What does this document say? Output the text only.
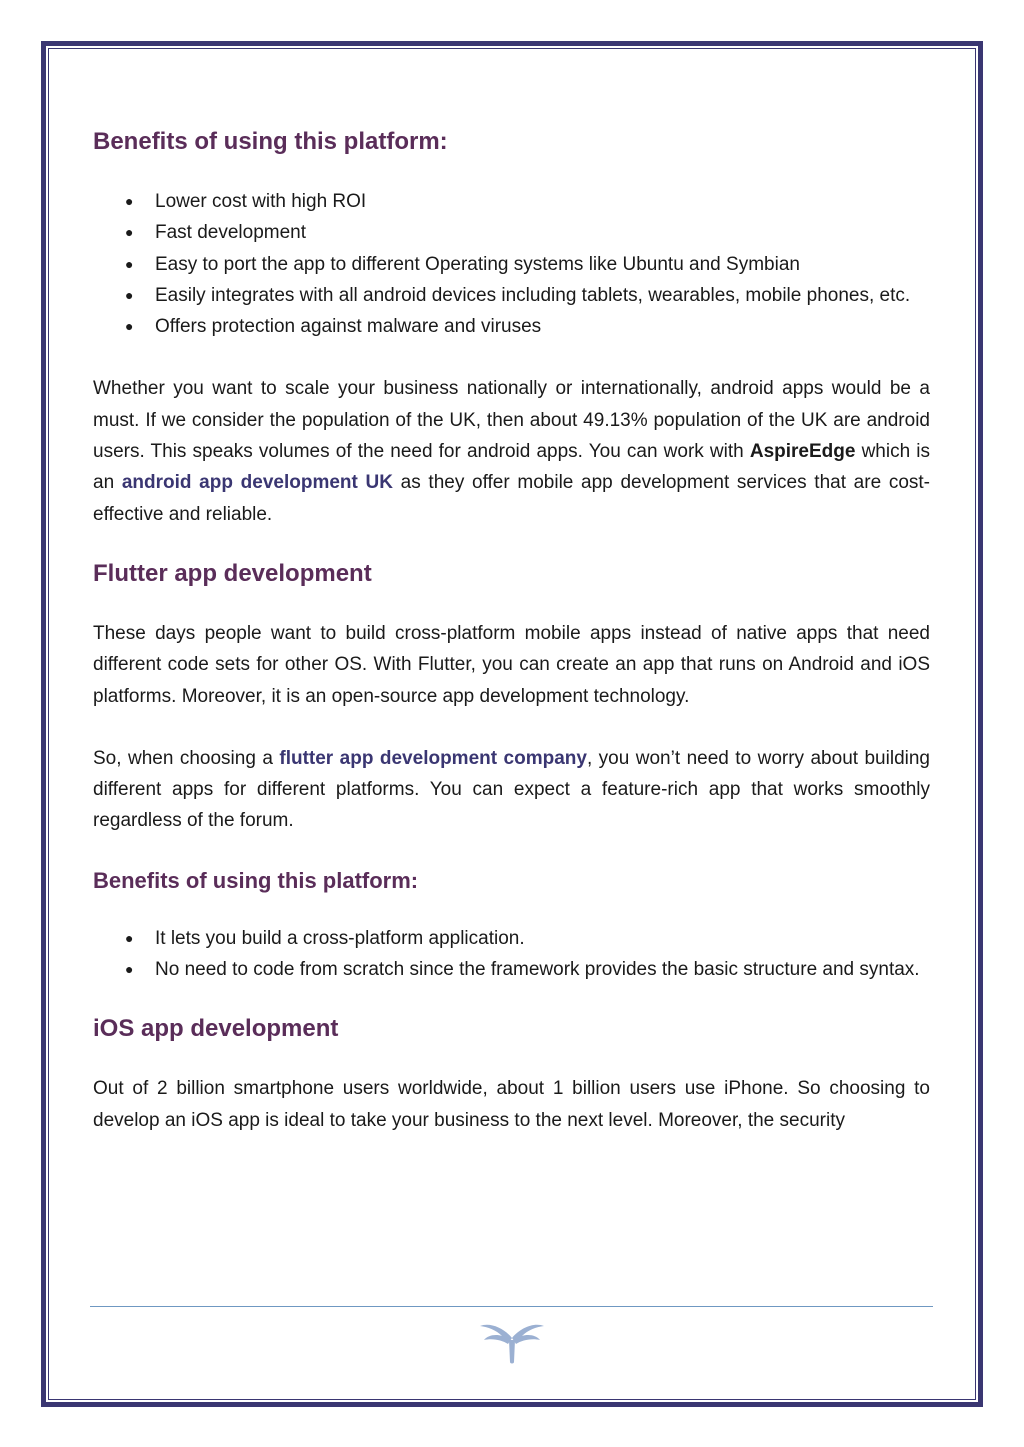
Benefits of using this platform:
● Lower cost with high ROI
● Fast development
● Easy to port the app to different Operating systems like Ubuntu and Symbian
● Easily integrates with all android devices including tablets, wearables, mobile phones, etc.
● Offers protection against malware and viruses

Whether you want to scale your business nationally or internationally, android apps would be a must. If we consider the population of the UK, then about 49.13% population of the UK are android users. This speaks volumes of the need for android apps. You can work with AspireEdge which is an android app development UK as they offer mobile app development services that are cost-effective and reliable.

Flutter app development

These days people want to build cross-platform mobile apps instead of native apps that need different code sets for other OS. With Flutter, you can create an app that runs on Android and iOS platforms. Moreover, it is an open-source app development technology.

So, when choosing a flutter app development company, you won’t need to worry about building different apps for different platforms. You can expect a feature-rich app that works smoothly regardless of the forum.

Benefits of using this platform:
● It lets you build a cross-platform application.
● No need to code from scratch since the framework provides the basic structure and syntax.
iOS app development

Out of 2 billion smartphone users worldwide, about 1 billion users use iPhone. So choosing to develop an iOS app is ideal to take your business to the next level. Moreover, the security
